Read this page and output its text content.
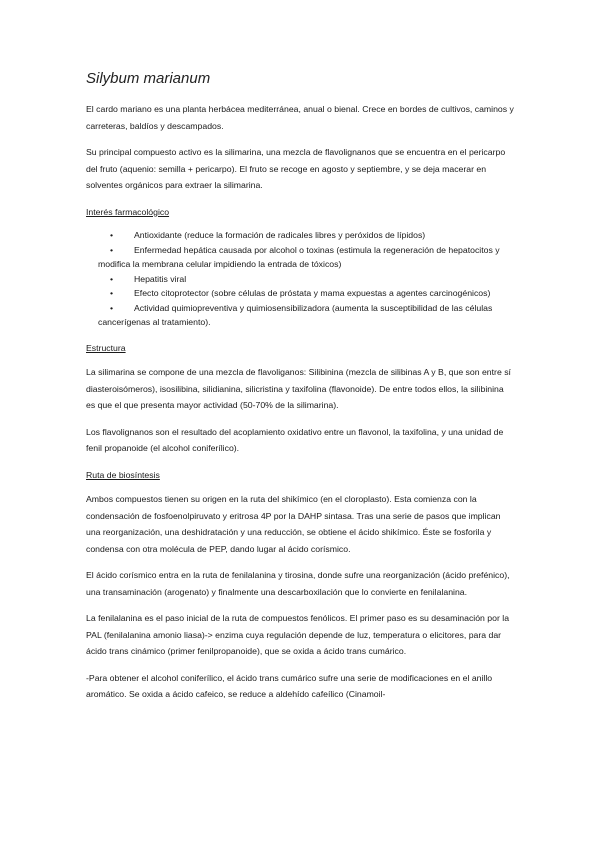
Silybum marianum

El cardo mariano es una planta herbácea mediterránea, anual o bienal. Crece en bordes de cultivos, caminos y carreteras, baldíos y descampados.

Su principal compuesto activo es la silimarina, una mezcla de flavolignanos que se encuentra en el pericarpo del fruto (aquenio: semilla + pericarpo). El fruto se recoge en agosto y septiembre, y se deja macerar en solventes orgánicos para extraer la silimarina.

Interés farmacológico
• Antioxidante (reduce la formación de radicales libres y peróxidos de lípidos)
• Enfermedad hepática causada por alcohol o toxinas (estimula la regeneración de hepatocitos y modifica la membrana celular impidiendo la entrada de tóxicos)
• Hepatitis viral
• Efecto citoprotector (sobre células de próstata y mama expuestas a agentes carcinogénicos)
• Actividad quimiopreventiva y quimiosensibilizadora (aumenta la susceptibilidad de las células cancerígenas al tratamiento).
Estructura

La silimarina se compone de una mezcla de flavoliganos: Silibinina (mezcla de silibinas A y B, que son entre sí diasteroisómeros), isosilibina, silidianina, silicristina y taxifolina (flavonoide). De entre todos ellos, la silibinina es que el que presenta mayor actividad (50-70% de la silimarina).

Los flavolignanos son el resultado del acoplamiento oxidativo entre un flavonol, la taxifolina, y una unidad de fenil propanoide (el alcohol coniferílico).

Ruta de biosíntesis

Ambos compuestos tienen su origen en la ruta del shikímico (en el cloroplasto). Esta comienza con la condensación de fosfoenolpiruvato y eritrosa 4P por la DAHP sintasa. Tras una serie de pasos que implican una reorganización, una deshidratación y una reducción, se obtiene el ácido shikímico. Éste se fosforila y condensa con otra molécula de PEP, dando lugar al ácido corísmico.

El ácido corísmico entra en la ruta de fenilalanina y tirosina, donde sufre una reorganización (ácido prefénico), una transaminación (arogenato) y finalmente una descarboxilación que lo convierte en fenilalanina.

La fenilalanina es el paso inicial de la ruta de compuestos fenólicos. El primer paso es su desaminación por la PAL (fenilalanina amonio liasa)-> enzima cuya regulación depende de luz, temperatura o elicitores, para dar ácido trans cinámico (primer fenilpropanoide), que se oxida a ácido trans cumárico.

-Para obtener el alcohol coniferílico, el ácido trans cumárico sufre una serie de modificaciones en el anillo aromático. Se oxida a ácido cafeico, se reduce a aldehído cafeílico (Cinamoil-
